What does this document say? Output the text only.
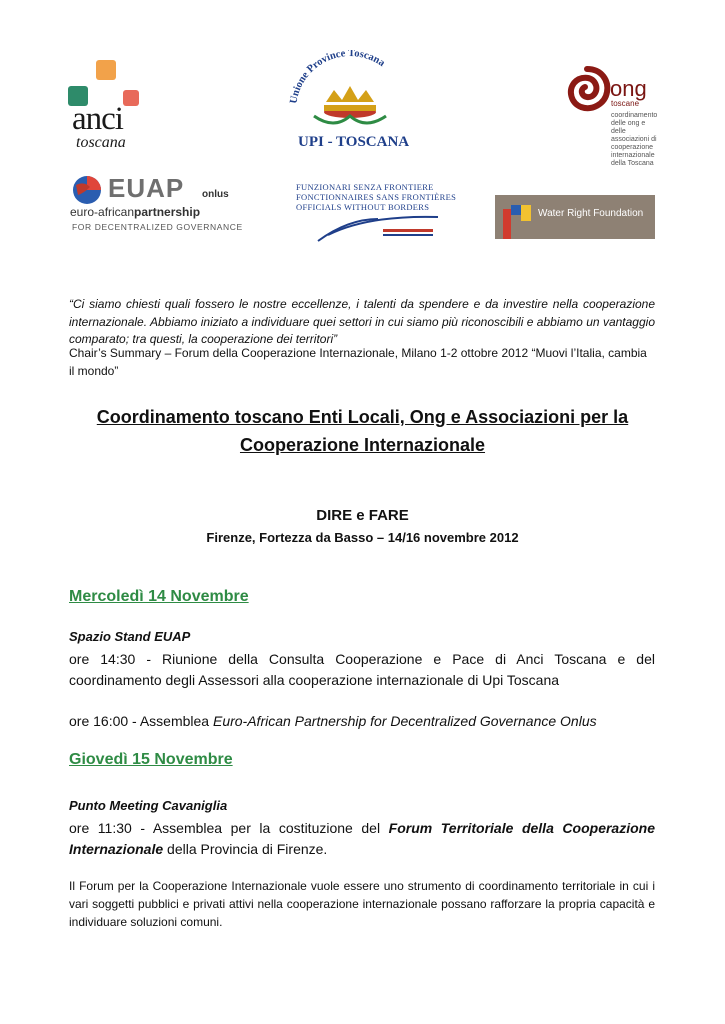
anci
toscana
Unione Province Toscana
UPI - TOSCANA
ong
toscane
coordinamento delle ong e delle associazioni di cooperazione internazionale della Toscana
EUAP onlus
euro-africanpartnership
FOR DECENTRALIZED GOVERNANCE
FUNZIONARI SENZA FRONTIERE
FONCTIONNAIRES SANS FRONTIÈRES
OFFICIALS WITHOUT BORDERS
Water Right Foundation

“Ci siamo chiesti quali fossero le nostre eccellenze, i talenti da spendere e da investire nella cooperazione internazionale. Abbiamo iniziato a individuare quei settori in cui siamo più riconoscibili e abbiamo un vantaggio comparato; tra questi, la cooperazione dei territori”

Chair’s Summary – Forum della Cooperazione Internazionale, Milano 1-2 ottobre 2012 “Muovi l’Italia, cambia il mondo”

Coordinamento toscano Enti Locali, Ong e Associazioni per la Cooperazione Internazionale

DIRE e FARE

Firenze, Fortezza da Basso – 14/16 novembre 2012

Mercoledì 14 Novembre

Spazio Stand EUAP

ore 14:30 - Riunione della Consulta Cooperazione e Pace di Anci Toscana e del coordinamento degli Assessori alla cooperazione internazionale di Upi Toscana

ore 16:00 - Assemblea Euro-African Partnership for Decentralized Governance Onlus

Giovedì 15 Novembre

Punto Meeting Cavaniglia

ore 11:30 - Assemblea per la costituzione del Forum Territoriale della Cooperazione Internazionale della Provincia di Firenze.

Il Forum per la Cooperazione Internazionale vuole essere uno strumento di coordinamento territoriale in cui i vari soggetti pubblici e privati attivi nella cooperazione internazionale possano rafforzare la propria capacità e individuare soluzioni comuni.
